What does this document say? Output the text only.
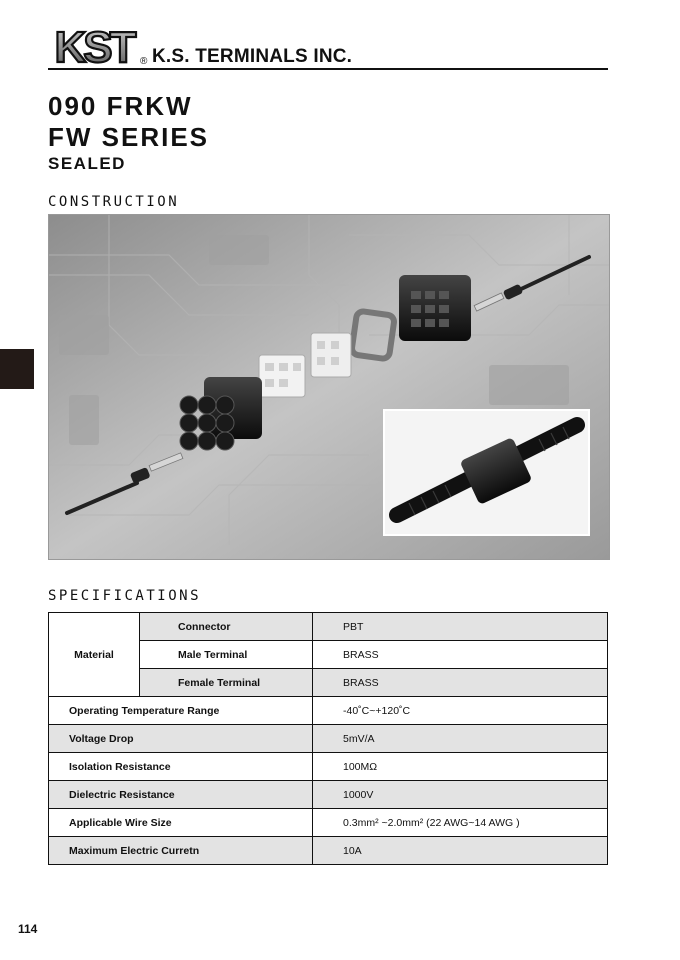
KST ® K.S. TERMINALS INC.
090 FRKW
FW SERIES
SEALED
CONSTRUCTION
SPECIFICATIONS
Material	Connector	PBT
	Male Terminal	BRASS
	Female Terminal	BRASS
Operating Temperature Range		-40˚C~+120˚C
Voltage Drop		5mV/A
Isolation Resistance		100MΩ
Dielectric Resistance		1000V
Applicable Wire Size		0.3mm² ~2.0mm² (22 AWG~14 AWG )
Maximum Electric Curretn		10A
114
